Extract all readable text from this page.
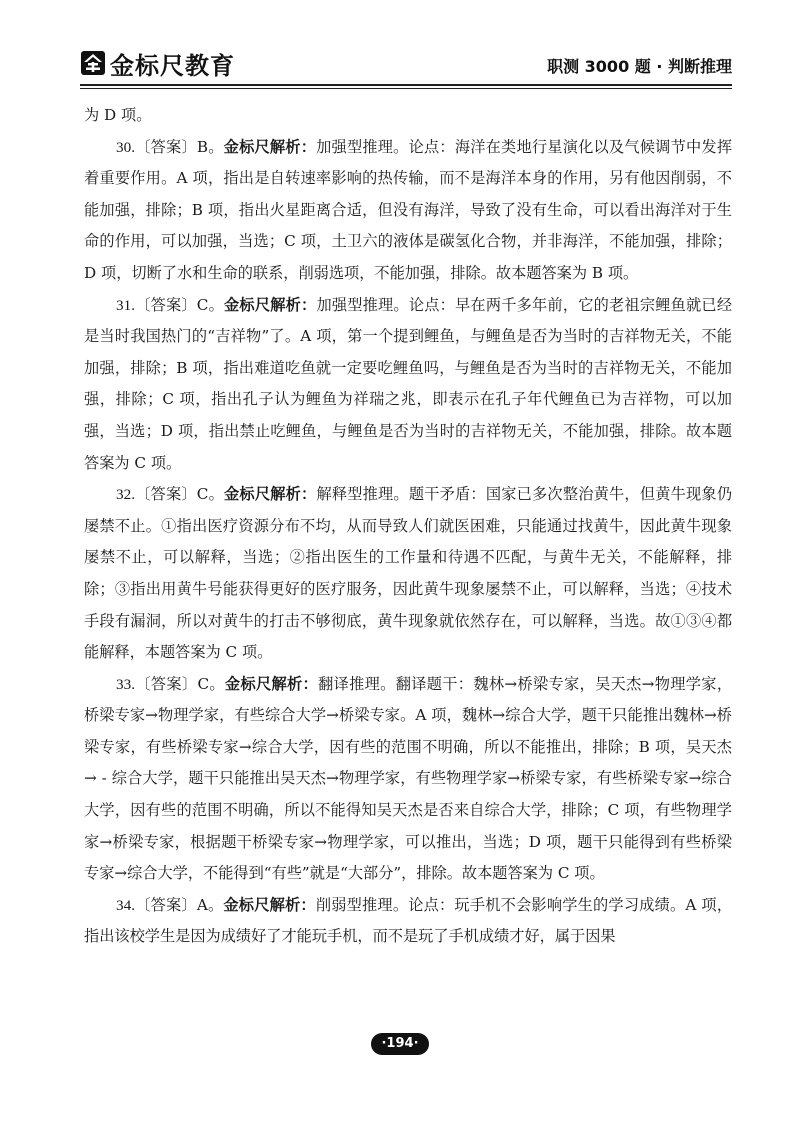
金标尺教育	职测 3000 题 · 判断推理

为 D 项。

30.〔答案〕B。金标尺解析：加强型推理。论点：海洋在类地行星演化以及气候调节中发挥着重要作用。A 项，指出是自转速率影响的热传输，而不是海洋本身的作用，另有他因削弱，不能加强，排除；B 项，指出火星距离合适，但没有海洋，导致了没有生命，可以看出海洋对于生命的作用，可以加强，当选；C 项，土卫六的液体是碳氢化合物，并非海洋，不能加强，排除；D 项，切断了水和生命的联系，削弱选项，不能加强，排除。故本题答案为 B 项。

31.〔答案〕C。金标尺解析：加强型推理。论点：早在两千多年前，它的老祖宗鲤鱼就已经是当时我国热门的“吉祥物”了。A 项，第一个提到鲤鱼，与鲤鱼是否为当时的吉祥物无关，不能加强，排除；B 项，指出难道吃鱼就一定要吃鲤鱼吗，与鲤鱼是否为当时的吉祥物无关，不能加强，排除；C 项，指出孔子认为鲤鱼为祥瑞之兆，即表示在孔子年代鲤鱼已为吉祥物，可以加强，当选；D 项，指出禁止吃鲤鱼，与鲤鱼是否为当时的吉祥物无关，不能加强，排除。故本题答案为 C 项。

32.〔答案〕C。金标尺解析：解释型推理。题干矛盾：国家已多次整治黄牛，但黄牛现象仍屡禁不止。①指出医疗资源分布不均，从而导致人们就医困难，只能通过找黄牛，因此黄牛现象屡禁不止，可以解释，当选；②指出医生的工作量和待遇不匹配，与黄牛无关，不能解释，排除；③指出用黄牛号能获得更好的医疗服务，因此黄牛现象屡禁不止，可以解释，当选；④技术手段有漏洞，所以对黄牛的打击不够彻底，黄牛现象就依然存在，可以解释，当选。故①③④都能解释，本题答案为 C 项。

33.〔答案〕C。金标尺解析：翻译推理。翻译题干：魏林→桥梁专家，吴天杰→物理学家，桥梁专家→物理学家，有些综合大学→桥梁专家。A 项，魏林→综合大学，题干只能推出魏林→桥梁专家，有些桥梁专家→综合大学，因有些的范围不明确，所以不能推出，排除；B 项，吴天杰→ - 综合大学，题干只能推出吴天杰→物理学家，有些物理学家→桥梁专家，有些桥梁专家→综合大学，因有些的范围不明确，所以不能得知吴天杰是否来自综合大学，排除；C 项，有些物理学家→桥梁专家，根据题干桥梁专家→物理学家，可以推出，当选；D 项，题干只能得到有些桥梁专家→综合大学，不能得到“有些”就是“大部分”，排除。故本题答案为 C 项。

34.〔答案〕A。金标尺解析：削弱型推理。论点：玩手机不会影响学生的学习成绩。A 项，指出该校学生是因为成绩好了才能玩手机，而不是玩了手机成绩才好，属于因果

·194·
